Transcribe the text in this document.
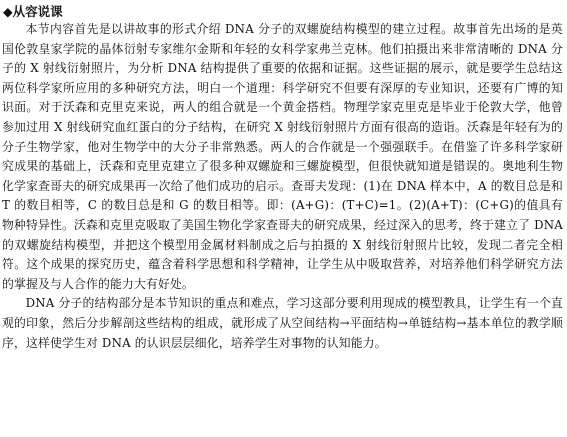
◆从容说课

本节内容首先是以讲故事的形式介绍 DNA 分子的双螺旋结构模型的建立过程。故事首先出场的是英国伦敦皇家学院的晶体衍射专家维尔金斯和年轻的女科学家弗兰克林。他们拍摄出来非常清晰的 DNA 分子的 X 射线衍射照片，为分析 DNA 结构提供了重要的依据和证据。这些证据的展示，就是要学生总结这两位科学家所应用的多种研究方法，明白一个道理：科学研究不但要有深厚的专业知识，还要有广博的知识面。对于沃森和克里克来说，两人的组合就是一个黄金搭档。物理学家克里克是毕业于伦敦大学，他曾参加过用 X 射线研究血红蛋白的分子结构，在研究 X 射线衍射照片方面有很高的造诣。沃森是年轻有为的分子生物学家，他对生物学中的大分子非常熟悉。两人的合作就是一个强强联手。在借鉴了许多科学家研究成果的基础上，沃森和克里克建立了很多种双螺旋和三螺旋模型，但很快就知道是错误的。奥地利生物化学家查哥夫的研究成果再一次给了他们成功的启示。查哥夫发现：(1)在 DNA 样本中，A 的数目总是和 T 的数目相等，C 的数目总是和 G 的数目相等。即：(A+G)：(T+C)=1。(2)(A+T)：(C+G)的值具有物种特异性。沃森和克里克吸取了美国生物化学家查哥夫的研究成果，经过深入的思考，终于建立了 DNA 的双螺旋结构模型，并把这个模型用金属材料制成之后与拍摄的 X 射线衍射照片比较，发现二者完全相符。这个成果的探究历史，蕴含着科学思想和科学精神，让学生从中吸取营养，对培养他们科学研究方法的掌握及与人合作的能力大有好处。

DNA 分子的结构部分是本节知识的重点和难点，学习这部分要利用现成的模型教具，让学生有一个直观的印象，然后分步解剖这些结构的组成，就形成了从空间结构→平面结构→单链结构→基本单位的教学顺序，这样使学生对 DNA 的认识层层细化，培养学生对事物的认知能力。
